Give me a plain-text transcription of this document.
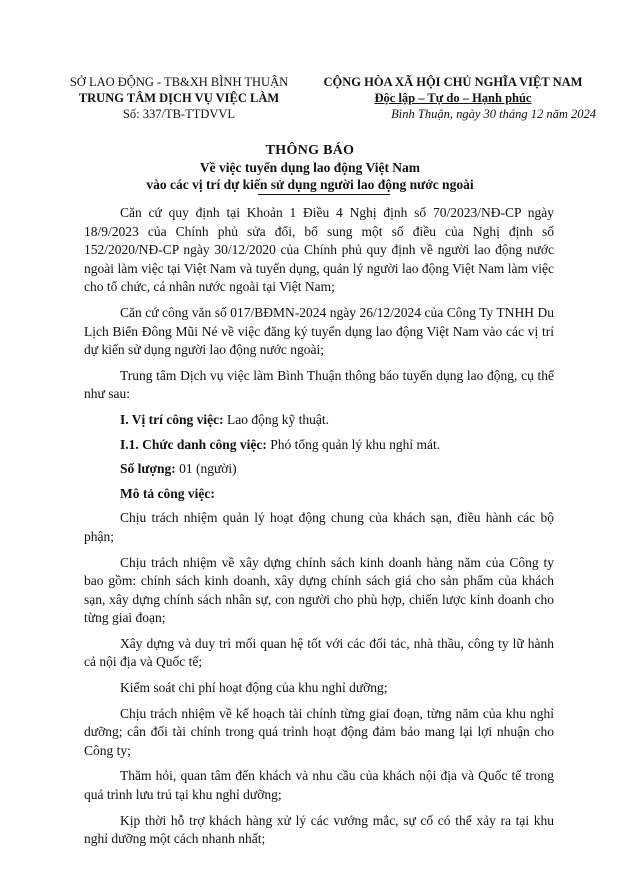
SỞ LAO ĐỘNG - TB&XH BÌNH THUẬN
TRUNG TÂM DỊCH VỤ VIỆC LÀM
Số: 337/TB-TTDVVL
CỘNG HÒA XÃ HỘI CHỦ NGHĨA VIỆT NAM
Độc lập – Tự do – Hạnh phúc
Bình Thuận, ngày 30 tháng 12 năm 2024
THÔNG BÁO
Về việc tuyển dụng lao động Việt Nam
vào các vị trí dự kiến sử dụng người lao động nước ngoài

Căn cứ quy định tại Khoản 1 Điều 4 Nghị định số 70/2023/NĐ-CP ngày 18/9/2023 của Chính phủ sửa đổi, bổ sung một số điều của Nghị định số 152/2020/NĐ-CP ngày 30/12/2020 của Chính phủ quy định về người lao động nước ngoài làm việc tại Việt Nam và tuyển dụng, quản lý người lao động Việt Nam làm việc cho tổ chức, cá nhân nước ngoài tại Việt Nam;

Căn cứ công văn số 017/BĐMN-2024 ngày 26/12/2024 của Công Ty TNHH Du Lịch Biển Đông Mũi Né về việc đăng ký tuyển dụng lao động Việt Nam vào các vị trí dự kiến sử dụng người lao động nước ngoài;

Trung tâm Dịch vụ việc làm Bình Thuận thông báo tuyển dụng lao động, cụ thể như sau:

I. Vị trí công việc: Lao động kỹ thuật.

I.1. Chức danh công việc: Phó tổng quản lý khu nghỉ mát.

Số lượng: 01 (người)

Mô tả công việc:

Chịu trách nhiệm quản lý hoạt động chung của khách sạn, điều hành các bộ phận;

Chịu trách nhiệm về xây dựng chính sách kinh doanh hàng năm của Công ty bao gồm: chính sách kinh doanh, xây dựng chính sách giá cho sản phẩm của khách sạn, xây dựng chính sách nhân sự, con người cho phù hợp, chiến lược kinh doanh cho từng giai đoạn;

Xây dựng và duy trì mối quan hệ tốt với các đối tác, nhà thầu, công ty lữ hành cả nội địa và Quốc tế;

Kiểm soát chi phí hoạt động của khu nghỉ dưỡng;

Chịu trách nhiệm về kế hoạch tài chính từng giai đoạn, từng năm của khu nghỉ dưỡng; cân đối tài chính trong quá trình hoạt động đảm bảo mang lại lợi nhuận cho Công ty;

Thăm hỏi, quan tâm đến khách và nhu cầu của khách nội địa và Quốc tế trong quá trình lưu trú tại khu nghỉ dưỡng;

Kịp thời hỗ trợ khách hàng xử lý các vướng mắc, sự cố có thể xảy ra tại khu nghỉ dưỡng một cách nhanh nhất;
